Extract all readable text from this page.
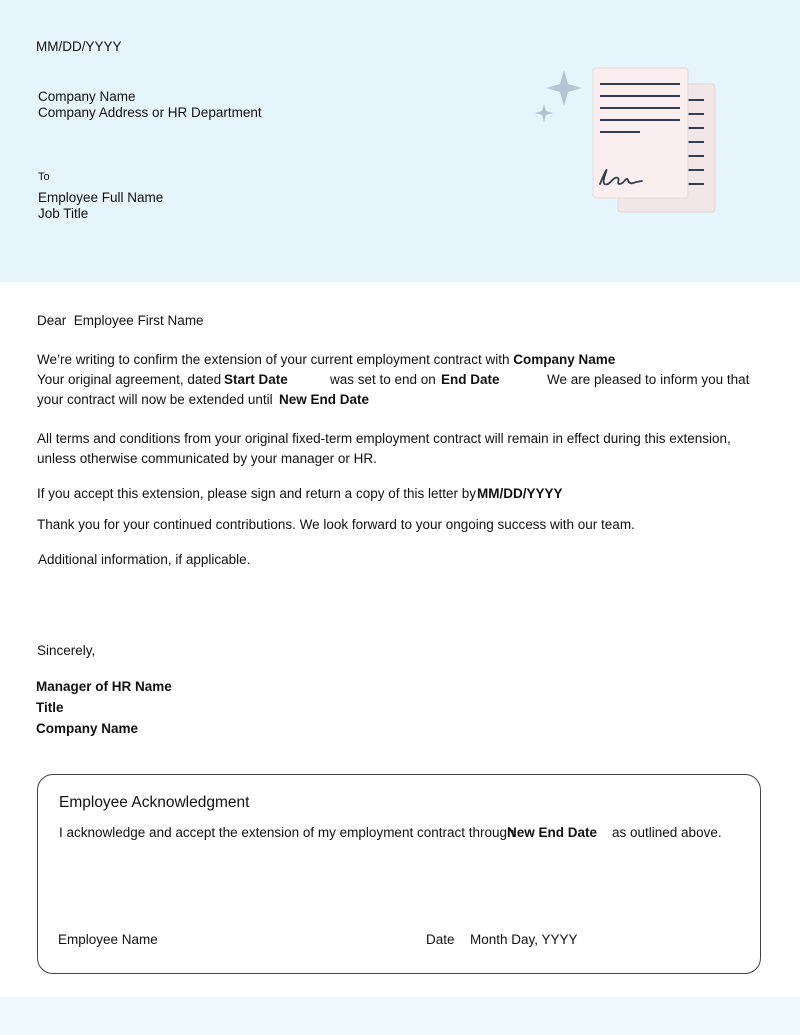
MM/DD/YYYY
Company Name
Company Address or HR Department
To
Employee Full Name
Job Title
Dear Employee First Name
We’re writing to confirm the extension of your current employment contract with Company Name
Your original agreement, dated Start Date	was set to end on End Date	We are pleased to inform you that
your contract will now be extended until New End Date
All terms and conditions from your original fixed-term employment contract will remain in effect during this extension,
unless otherwise communicated by your manager or HR.
If you accept this extension, please sign and return a copy of this letter by MM/DD/YYYY
Thank you for your continued contributions. We look forward to your ongoing success with our team.
Additional information, if applicable.
Sincerely,
Manager of HR Name
Title
Company Name
Employee Acknowledgment
I acknowledge and accept the extension of my employment contract through
New End Date as outlined above.
Employee Name	Date Month Day, YYYY
